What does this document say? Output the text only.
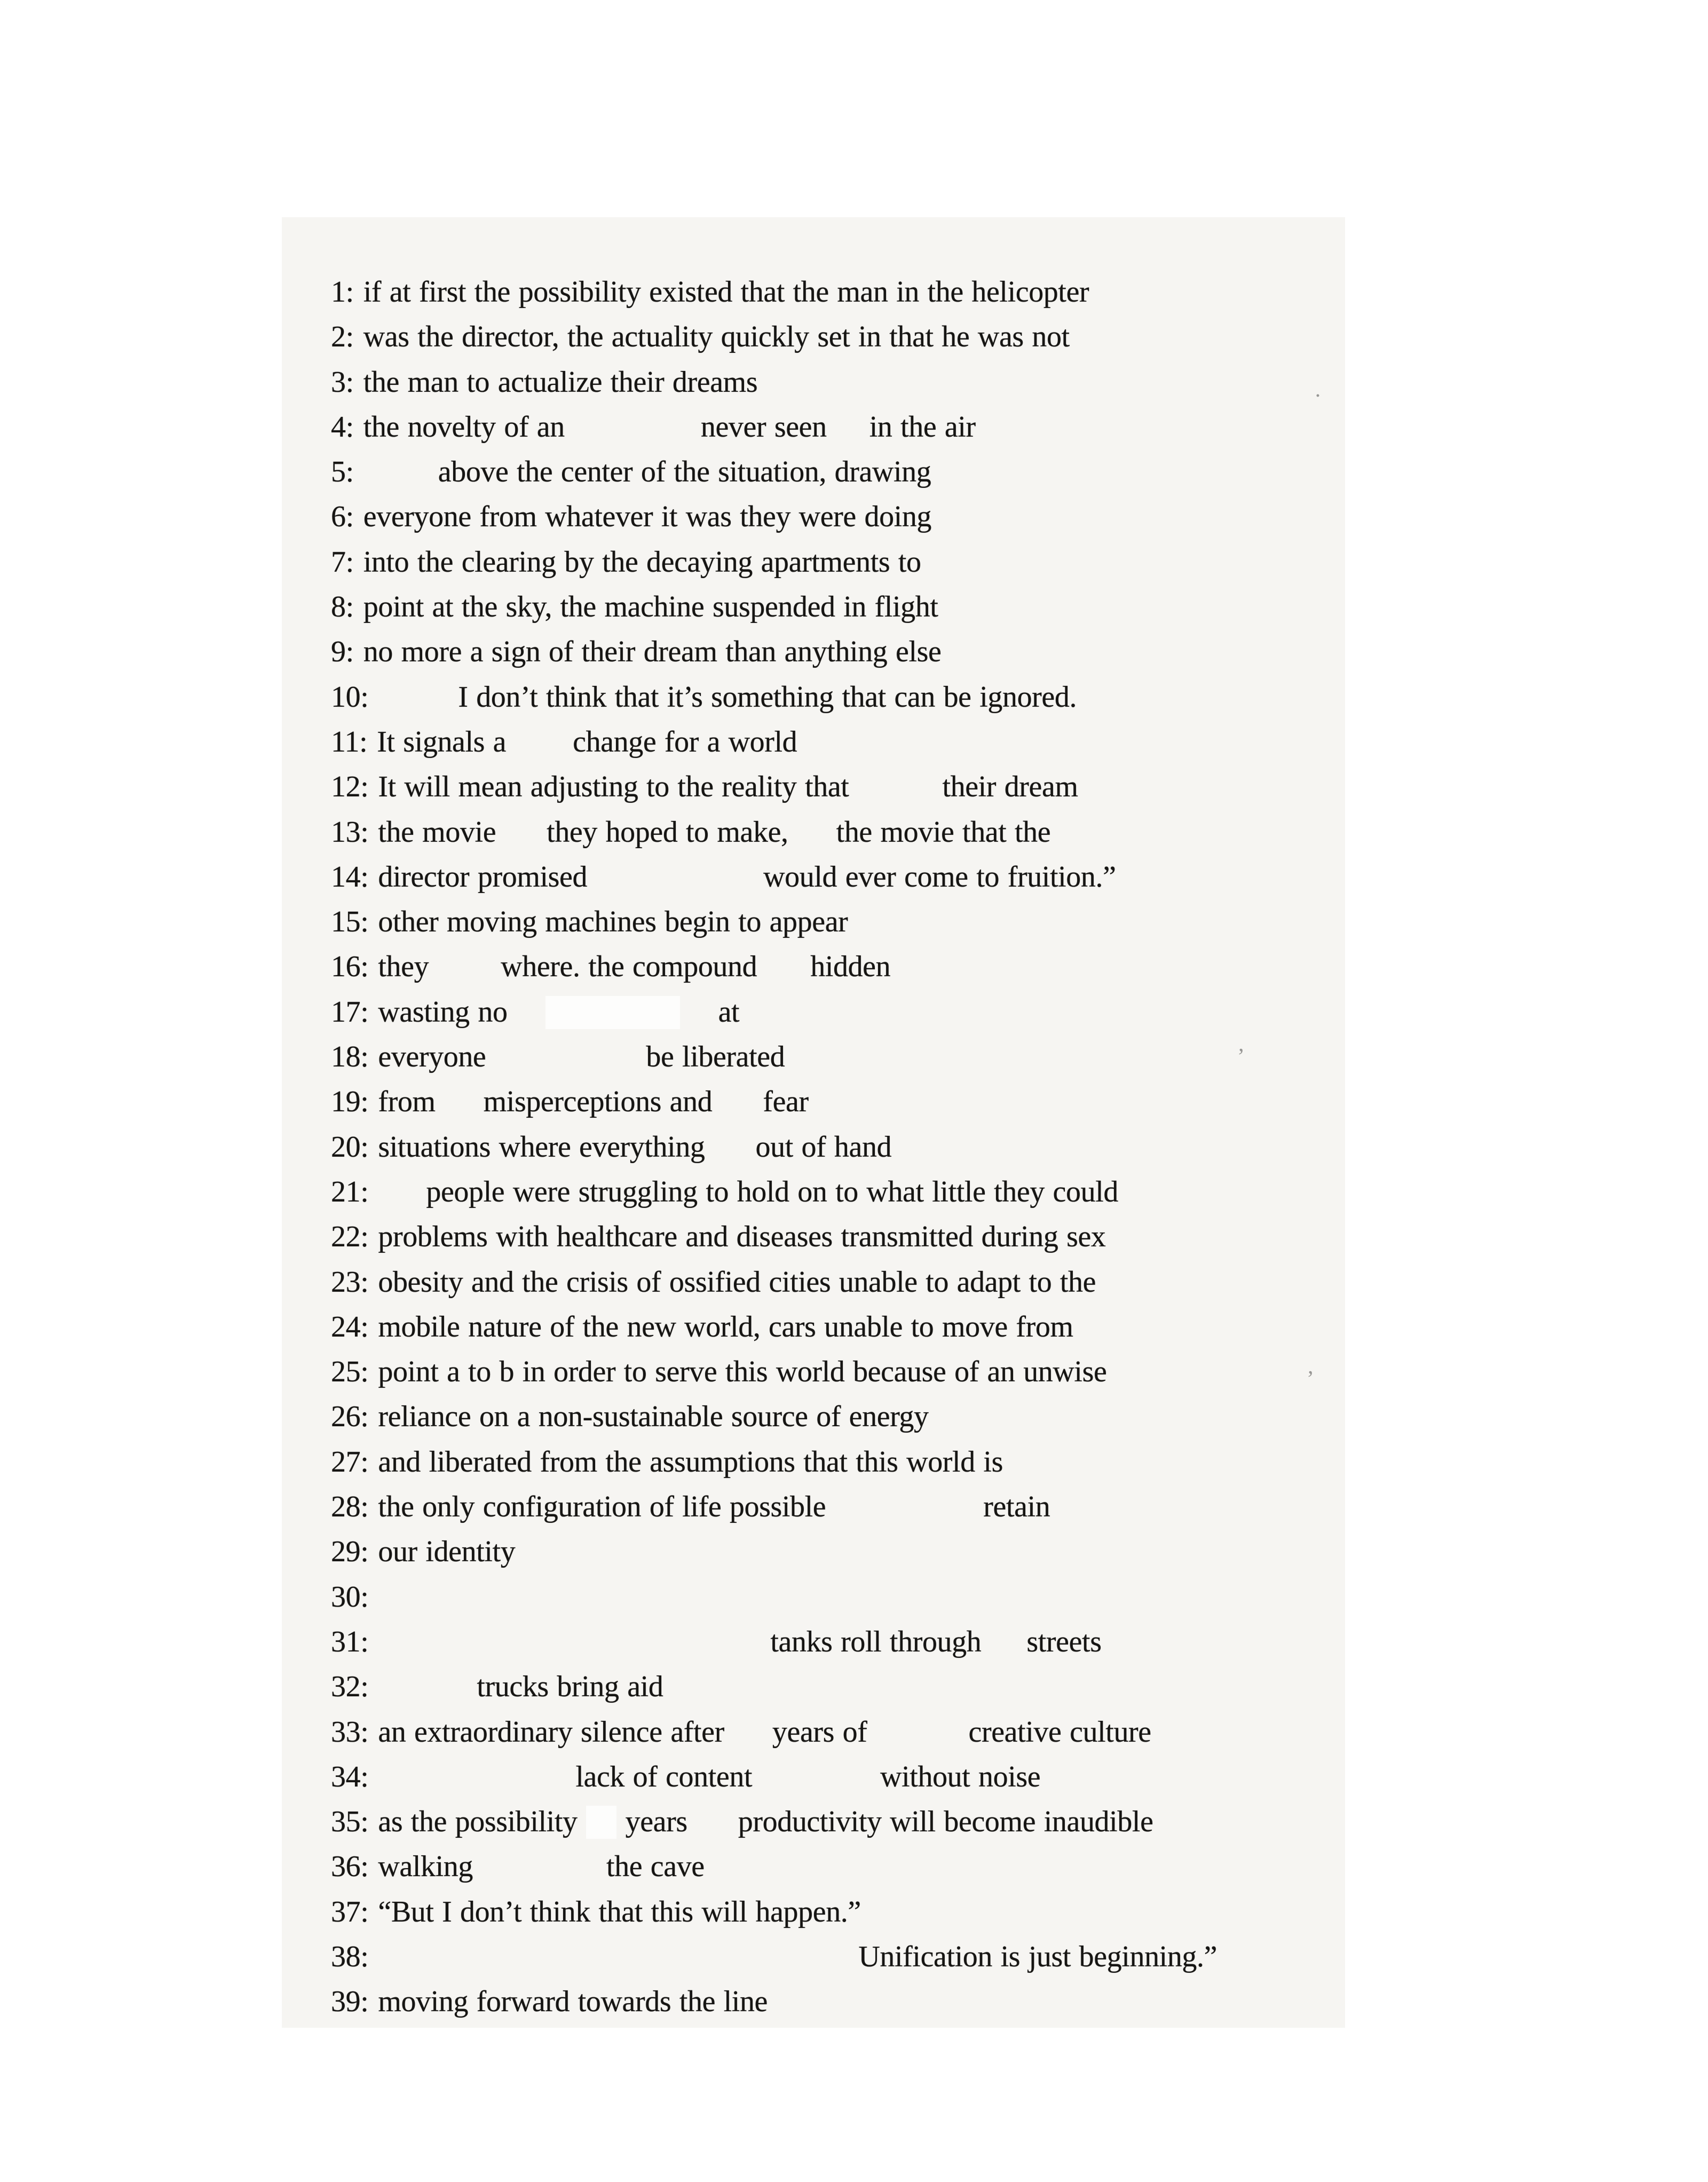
1: if at first the possibility existed that the man in the helicopter
2: was the director, the actuality quickly set in that he was not
3: the man to actualize their dreams
4: the novelty of an	never seen in the air
5:	above the center of the situation, drawing
6: everyone from whatever it was they were doing
7: into the clearing by the decaying apartments to
8: point at the sky, the machine suspended in flight
9: no more a sign of their dream than anything else
10:	I don’t think that it’s something that can be ignored.
11: It signals a change for a world
12: It will mean adjusting to the reality that	their dream
13: the movie they hoped to make, the movie that the
14: director promised	would ever come to fruition.”
15: other moving machines begin to appear
16: they where. the compound hidden
17: wasting no	at
18: everyone	be liberated
19: from misperceptions and fear
20: situations where everything out of hand
21: people were struggling to hold on to what little they could
22: problems with healthcare and diseases transmitted during sex
23: obesity and the crisis of ossified cities unable to adapt to the
24: mobile nature of the new world, cars unable to move from
25: point a to b in order to serve this world because of an unwise
26: reliance on a non-sustainable source of energy
27: and liberated from the assumptions that this world is
28: the only configuration of life possible	retain
29: our identity
30:
31:	tanks roll through streets
32:	trucks bring aid
33: an extraordinary silence after years of	creative culture
34:	lack of content	without noise
35: as the possibility years productivity will become inaudible
36: walking	the cave
37: “But I don’t think that this will happen.”
38:	Unification is just beginning.”
39: moving forward towards the line
·
’
’
